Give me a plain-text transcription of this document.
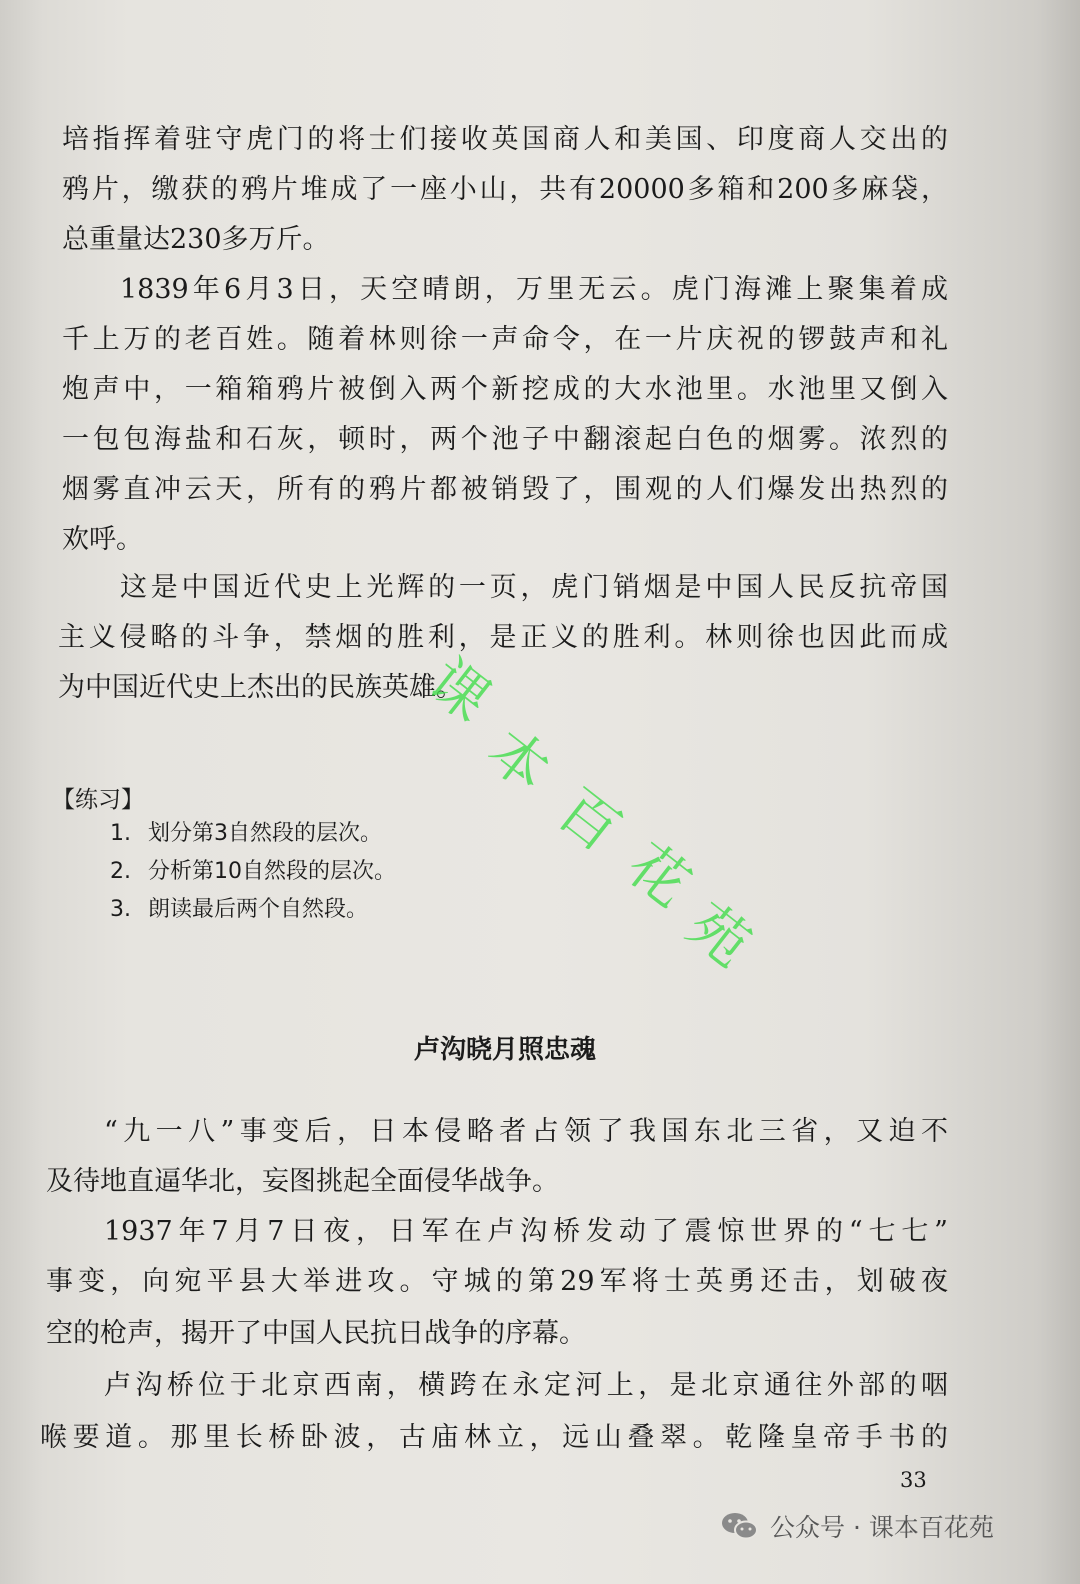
培指挥着驻守虎门的将士们接收英国商人和美国、印度商人交出的

鸦片，缴获的鸦片堆成了一座小山，共有20000多箱和200多麻袋，

总重量达230多万斤。

1839年6月3日，天空晴朗，万里无云。虎门海滩上聚集着成

千上万的老百姓。随着林则徐一声命令，在一片庆祝的锣鼓声和礼

炮声中，一箱箱鸦片被倒入两个新挖成的大水池里。水池里又倒入

一包包海盐和石灰，顿时，两个池子中翻滚起白色的烟雾。浓烈的

烟雾直冲云天，所有的鸦片都被销毁了，围观的人们爆发出热烈的

欢呼。

这是中国近代史上光辉的一页，虎门销烟是中国人民反抗帝国

主义侵略的斗争，禁烟的胜利，是正义的胜利。林则徐也因此而成

为中国近代史上杰出的民族英雄。

【练习】

1. 划分第3自然段的层次。

2. 分析第10自然段的层次。

3. 朗读最后两个自然段。

卢沟晓月照忠魂

“九一八”事变后，日本侵略者占领了我国东北三省，又迫不

及待地直逼华北，妄图挑起全面侵华战争。

1937年7月7日夜，日军在卢沟桥发动了震惊世界的“七七”

事变，向宛平县大举进攻。守城的第29军将士英勇还击，划破夜

空的枪声，揭开了中国人民抗日战争的序幕。

卢沟桥位于北京西南，横跨在永定河上，是北京通往外部的咽

喉要道。那里长桥卧波，古庙林立，远山叠翠。乾隆皇帝手书的

33

课
本
百
花
苑
公众号 · 课本百花苑
